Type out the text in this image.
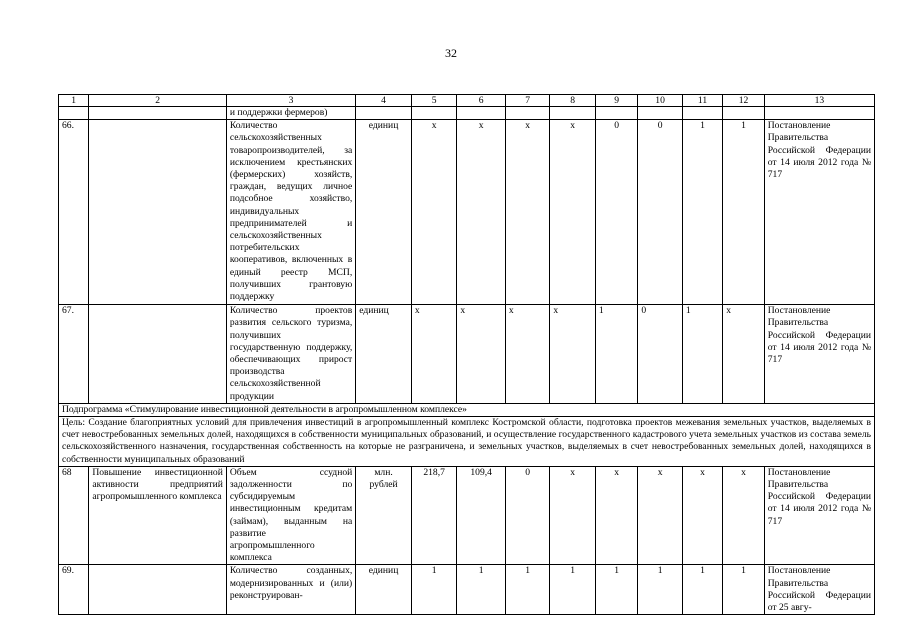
32
1	2	3	4	5	6	7	8	9	10	11	12	13
		и поддержки фермеров)										
66.		Количество сельскохозяйственных товаропроизводителей, за исключением крестьянских (фермерских) хозяйств, граждан, ведущих личное подсобное хозяйство, индивидуальных предпринимателей и сельскохозяйственных потребительских кооперативов, включенных в единый реестр МСП, получивших грантовую поддержку	единиц	x	x	x	x	0	0	1	1	Постановление Правительства Российской Федерации от 14 июля 2012 года № 717
67.		Количество проектов развития сельского туризма, получивших государственную поддержку, обеспечивающих прирост производства сельскохозяйственной продукции	единиц	x	x	x	x	1	0	1	x	Постановление Правительства Российской Федерации от 14 июля 2012 года № 717
Подпрограмма «Стимулирование инвестиционной деятельности в агропромышленном комплексе»												
Цель: Создание благоприятных условий для привлечения инвестиций в агропромышленный комплекс Костромской области, подготовка проектов межевания земельных участков, выделяемых в счет невостребованных земельных долей, находящихся в собственности муниципальных образований, и осуществление государственного кадастрового учета земельных участков из состава земель сельскохозяйственного назначения, государственная собственность на которые не разграничена, и земельных участков, выделяемых в счет невостребованных земельных долей, находящихся в собственности муниципальных образований												
68	Повышение инвестиционной активности предприятий агропромышленного комплекса	Объем ссудной задолженности по субсидируемым инвестиционным кредитам (займам), выданным на развитие агропромышленного комплекса	млн. рублей	218,7	109,4	0	x	x	x	x	x	Постановление Правительства Российской Федерации от 14 июля 2012 года № 717
69.		Количество созданных, модернизированных и (или) реконструирован-	единиц	1	1	1	1	1	1	1	1	Постановление Правительства Российской Федерации от 25 авгу-
